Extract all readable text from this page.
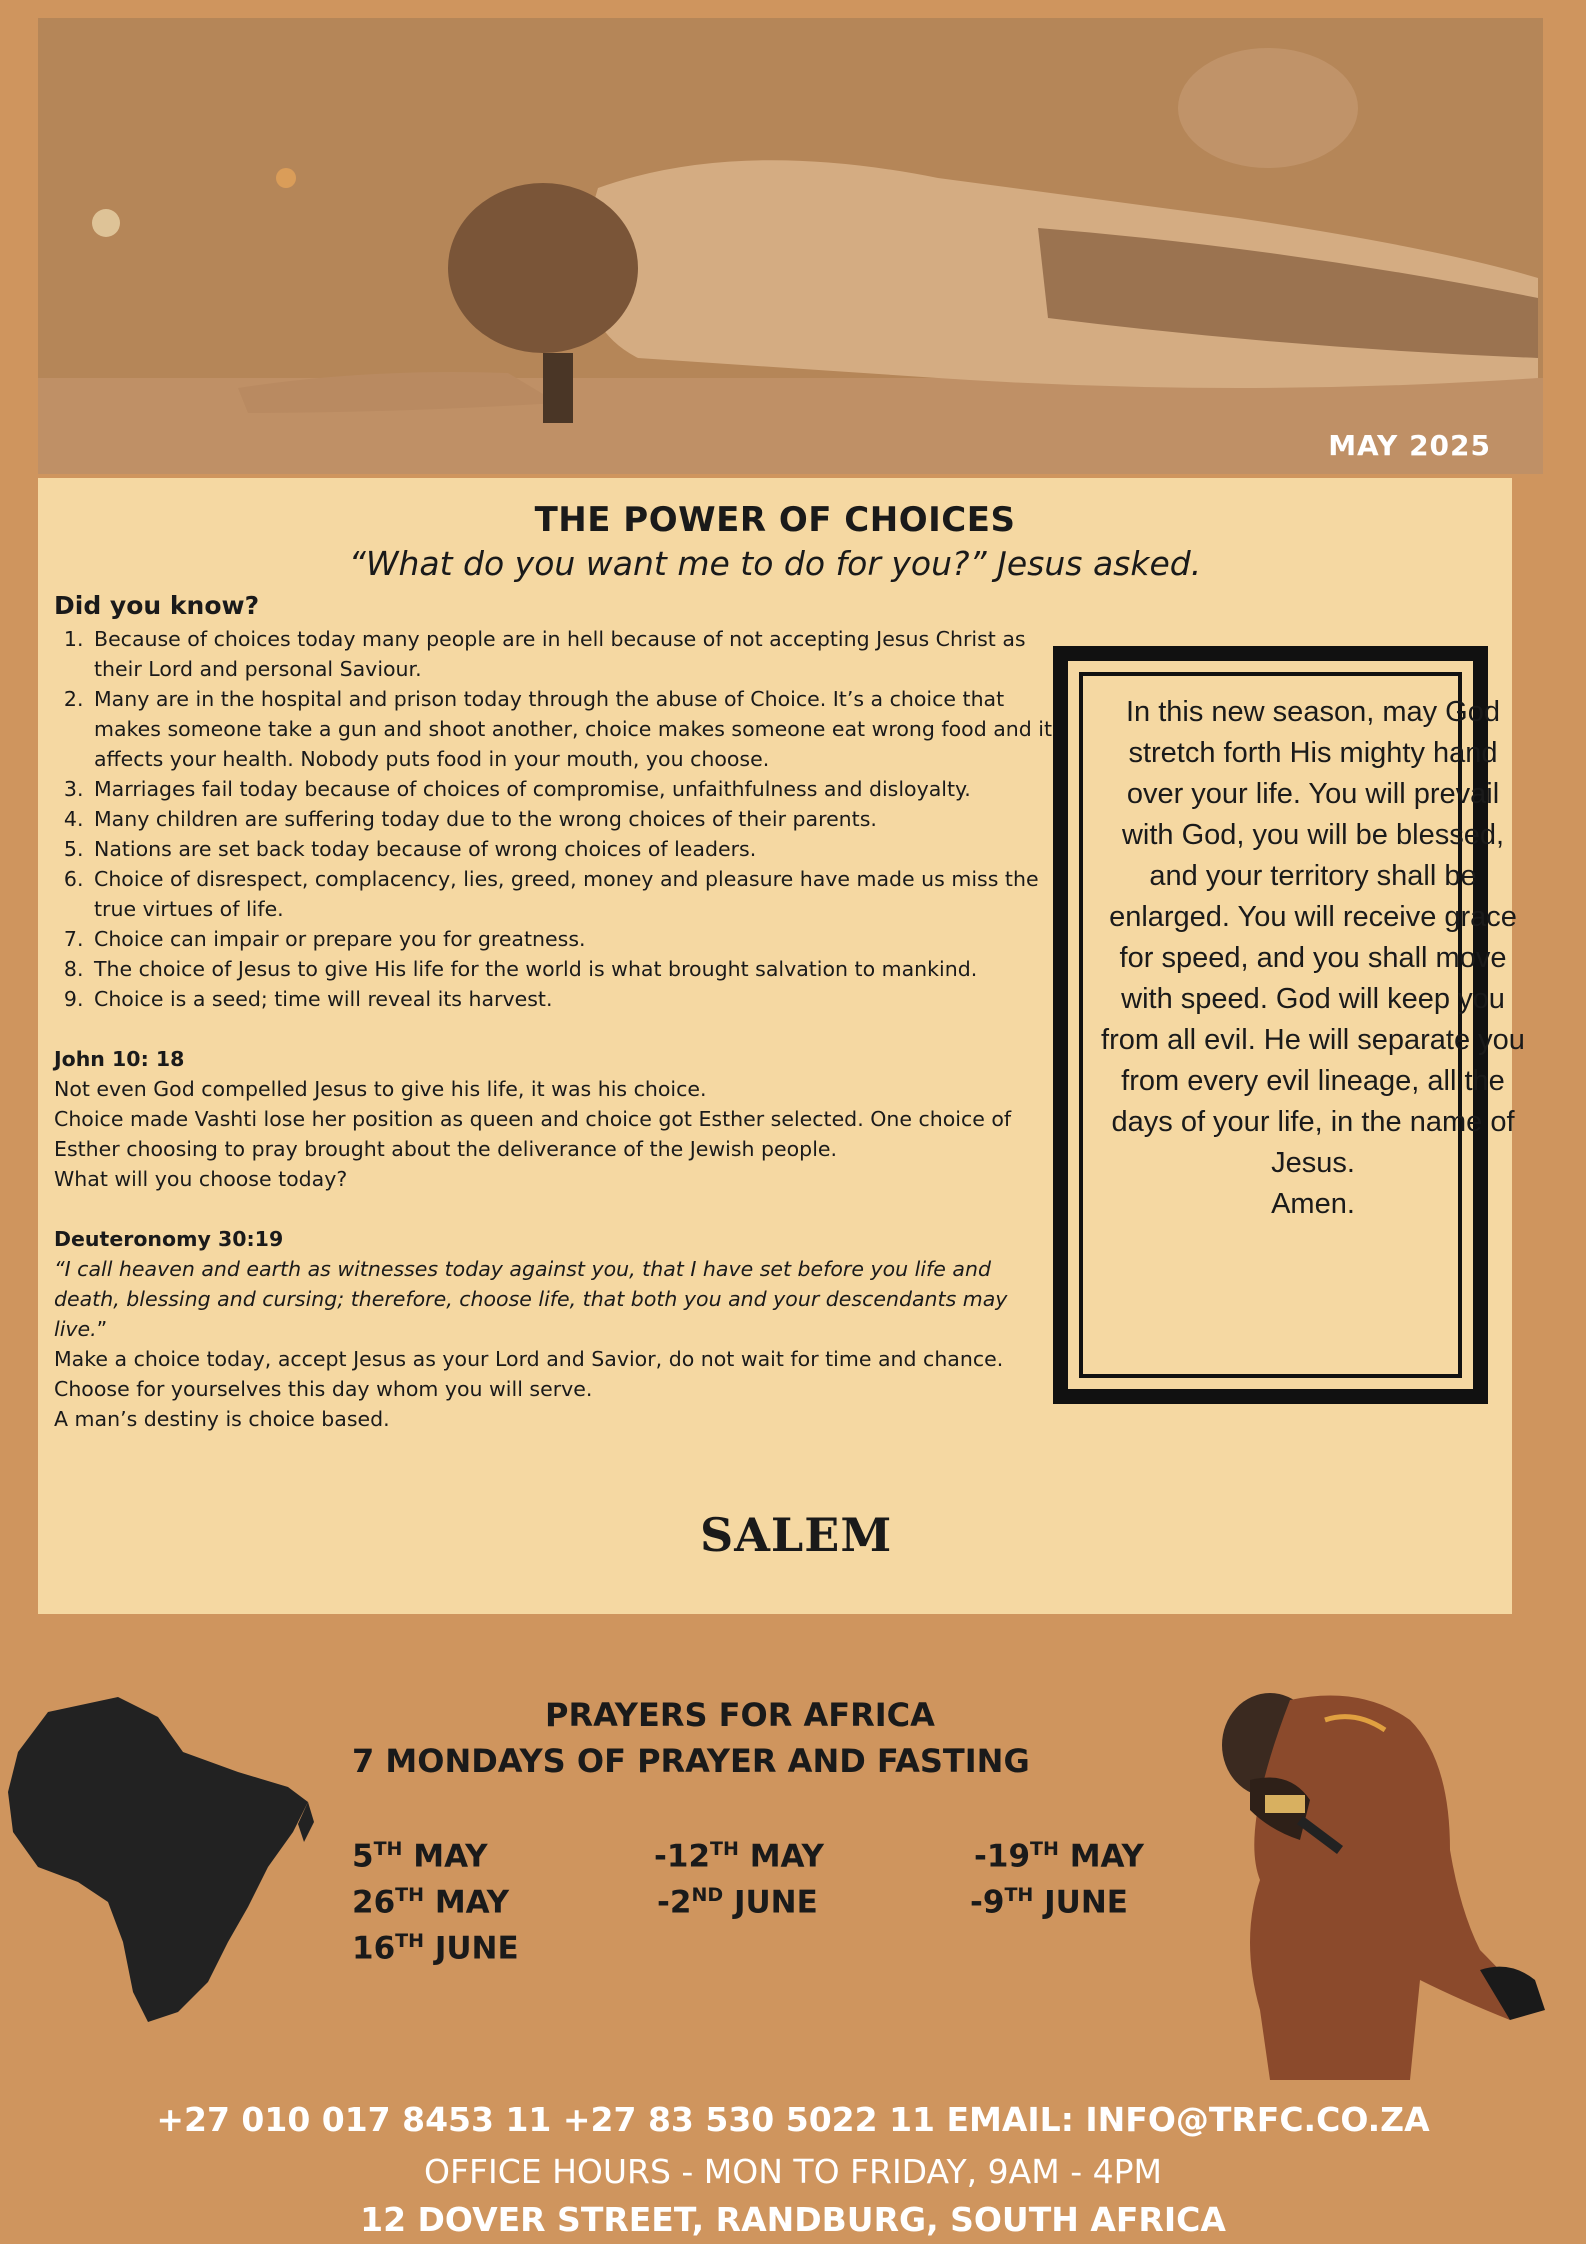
MAY 2025
THE POWER OF CHOICES
“What do you want me to do for you?” Jesus asked.
Did you know?
1. Because of choices today many people are in hell because of not accepting Jesus Christ as their Lord and personal Saviour.
2. Many are in the hospital and prison today through the abuse of Choice. It’s a choice that makes someone take a gun and shoot another, choice makes someone eat wrong food and it affects your health. Nobody puts food in your mouth, you choose.
3. Marriages fail today because of choices of compromise, unfaithfulness and disloyalty.
4. Many children are suffering today due to the wrong choices of their parents.
5. Nations are set back today because of wrong choices of leaders.
6. Choice of disrespect, complacency, lies, greed, money and pleasure have made us miss the true virtues of life.
7. Choice can impair or prepare you for greatness.
8. The choice of Jesus to give His life for the world is what brought salvation to mankind.
9. Choice is a seed; time will reveal its harvest.
John 10: 18
Not even God compelled Jesus to give his life, it was his choice.
Choice made Vashti lose her position as queen and choice got Esther selected. One choice of Esther choosing to pray brought about the deliverance of the Jewish people.
What will you choose today?
Deuteronomy 30:19
“I call heaven and earth as witnesses today against you, that I have set before you life and death, blessing and cursing; therefore, choose life, that both you and your descendants may live.”
Make a choice today, accept Jesus as your Lord and Savior, do not wait for time and chance. Choose for yourselves this day whom you will serve.
A man’s destiny is choice based.
In this new season, may God stretch forth His mighty hand over your life. You will prevail with God, you will be blessed, and your territory shall be enlarged. You will receive grace for speed, and you shall move with speed. God will keep you from all evil. He will separate you from every evil lineage, all the days of your life, in the name of Jesus.
Amen.
SALEM
PRAYERS FOR AFRICA
7 MONDAYS OF PRAYER AND FASTING
5TH MAY	-12TH MAY	-19TH MAY
26TH MAY	-2ND JUNE	-9TH JUNE
16TH JUNE
+27 010 017 8453 11 +27 83 530 5022 11 EMAIL: INFO@TRFC.CO.ZA
OFFICE HOURS - MON TO FRIDAY, 9AM - 4PM
12 DOVER STREET, RANDBURG, SOUTH AFRICA
